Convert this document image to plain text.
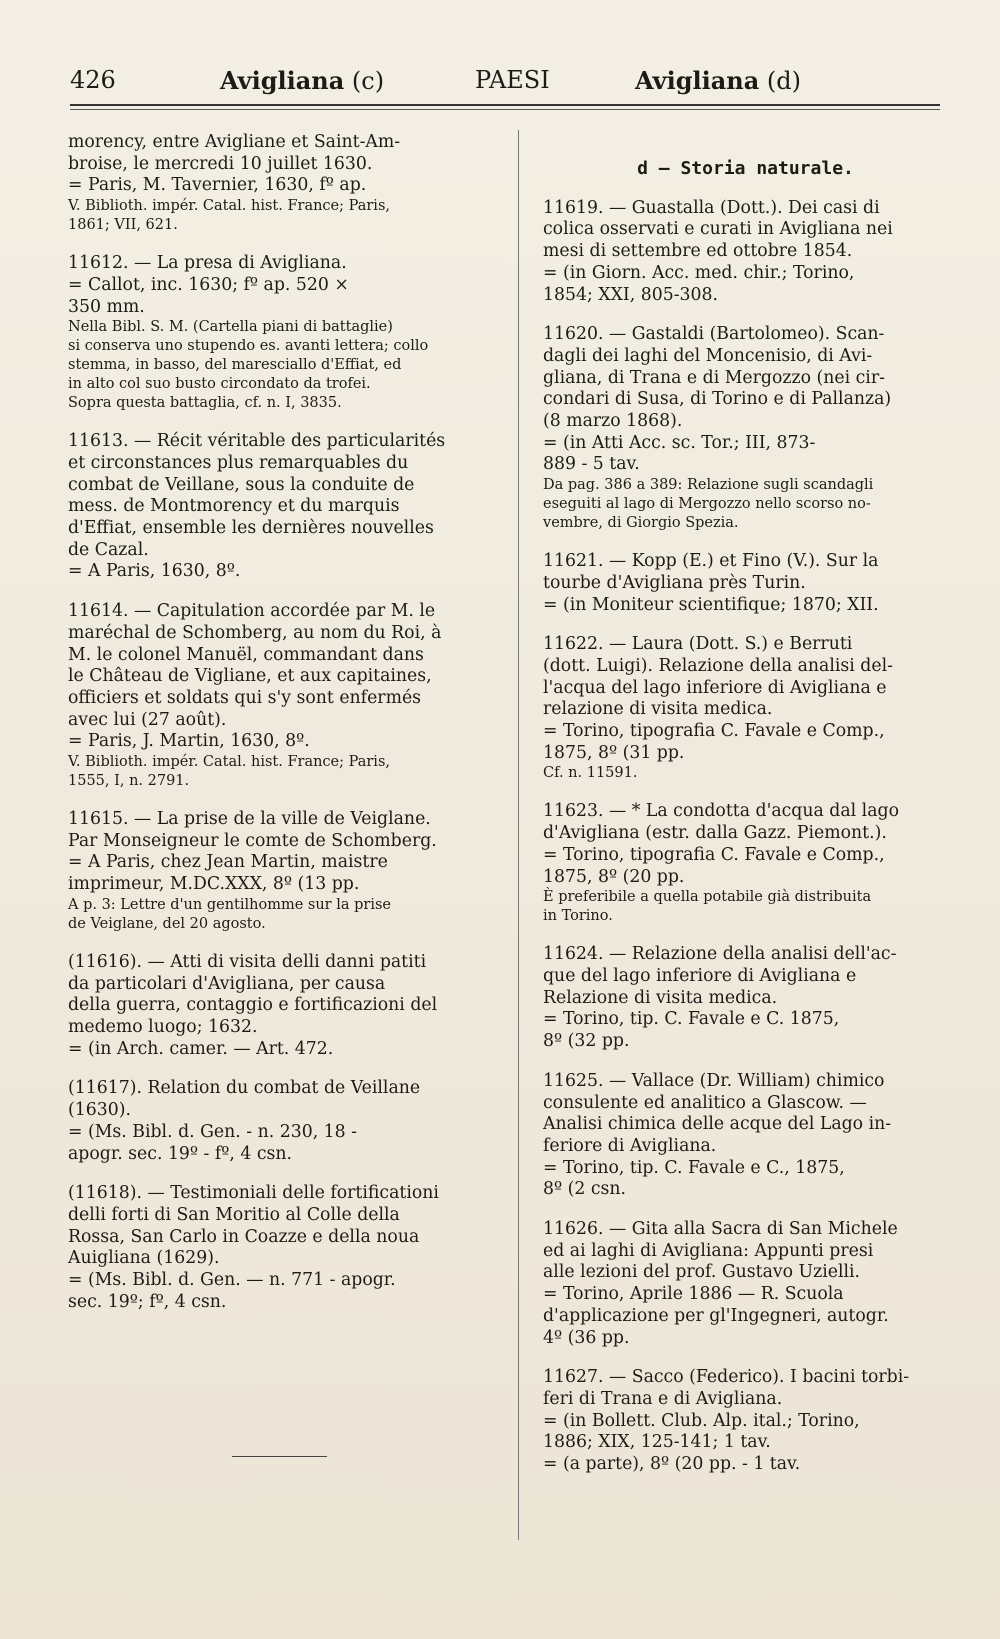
426	Avigliana (c)	PAESI	Avigliana (d)
morency, entre Avigliane et Saint-Am-
broise, le mercredi 10 juillet 1630.
= Paris, M. Tavernier, 1630, fº ap.
V. Biblioth. impér. Catal. hist. France; Paris,
1861; VII, 621.
11612. — La presa di Avigliana.
= Callot, inc. 1630; fº ap. 520 ×
350 mm.
Nella Bibl. S. M. (Cartella piani di battaglie)
si conserva uno stupendo es. avanti lettera; collo
stemma, in basso, del maresciallo d'Effiat, ed
in alto col suo busto circondato da trofei.
Sopra questa battaglia, cf. n. I, 3835.
11613. — Récit véritable des particularités
et circonstances plus remarquables du
combat de Veillane, sous la conduite de
mess. de Montmorency et du marquis
d'Effiat, ensemble les dernières nouvelles
de Cazal.
= A Paris, 1630, 8º.
11614. — Capitulation accordée par M. le
maréchal de Schomberg, au nom du Roi, à
M. le colonel Manuël, commandant dans
le Château de Vigliane, et aux capitaines,
officiers et soldats qui s'y sont enfermés
avec lui (27 août).
= Paris, J. Martin, 1630, 8º.
V. Biblioth. impér. Catal. hist. France; Paris,
1555, I, n. 2791.
11615. — La prise de la ville de Veiglane.
Par Monseigneur le comte de Schomberg.
= A Paris, chez Jean Martin, maistre
imprimeur, M.DC.XXX, 8º (13 pp.
A p. 3: Lettre d'un gentilhomme sur la prise
de Veiglane, del 20 agosto.
(11616). — Atti di visita delli danni patiti
da particolari d'Avigliana, per causa
della guerra, contaggio e fortificazioni del
medemo luogo; 1632.
= (in Arch. camer. — Art. 472.
(11617). Relation du combat de Veillane
(1630).
= (Ms. Bibl. d. Gen. - n. 230, 18 -
apogr. sec. 19º - fº, 4 csn.
(11618). — Testimoniali delle fortificationi
delli forti di San Moritio al Colle della
Rossa, San Carlo in Coazze e della noua
Auigliana (1629).
= (Ms. Bibl. d. Gen. — n. 771 - apogr.
sec. 19º; fº, 4 csn.
d — Storia naturale.
11619. — Guastalla (Dott.). Dei casi di
colica osservati e curati in Avigliana nei
mesi di settembre ed ottobre 1854.
= (in Giorn. Acc. med. chir.; Torino,
1854; XXI, 805-308.
11620. — Gastaldi (Bartolomeo). Scan-
dagli dei laghi del Moncenisio, di Avi-
gliana, di Trana e di Mergozzo (nei cir-
condari di Susa, di Torino e di Pallanza)
(8 marzo 1868).
= (in Atti Acc. sc. Tor.; III, 873-
889 - 5 tav.
Da pag. 386 a 389: Relazione sugli scandagli
eseguiti al lago di Mergozzo nello scorso no-
vembre, di Giorgio Spezia.
11621. — Kopp (E.) et Fino (V.). Sur la
tourbe d'Avigliana près Turin.
= (in Moniteur scientifique; 1870; XII.
11622. — Laura (Dott. S.) e Berruti
(dott. Luigi). Relazione della analisi del-
l'acqua del lago inferiore di Avigliana e
relazione di visita medica.
= Torino, tipografia C. Favale e Comp.,
1875, 8º (31 pp.
Cf. n. 11591.
11623. — * La condotta d'acqua dal lago
d'Avigliana (estr. dalla Gazz. Piemont.).
= Torino, tipografia C. Favale e Comp.,
1875, 8º (20 pp.
È preferibile a quella potabile già distribuita
in Torino.
11624. — Relazione della analisi dell'ac-
que del lago inferiore di Avigliana e
Relazione di visita medica.
= Torino, tip. C. Favale e C. 1875,
8º (32 pp.
11625. — Vallace (Dr. William) chimico
consulente ed analitico a Glascow. —
Analisi chimica delle acque del Lago in-
feriore di Avigliana.
= Torino, tip. C. Favale e C., 1875,
8º (2 csn.
11626. — Gita alla Sacra di San Michele
ed ai laghi di Avigliana: Appunti presi
alle lezioni del prof. Gustavo Uzielli.
= Torino, Aprile 1886 — R. Scuola
d'applicazione per gl'Ingegneri, autogr.
4º (36 pp.
11627. — Sacco (Federico). I bacini torbi-
feri di Trana e di Avigliana.
= (in Bollett. Club. Alp. ital.; Torino,
1886; XIX, 125-141; 1 tav.
= (a parte), 8º (20 pp. - 1 tav.
